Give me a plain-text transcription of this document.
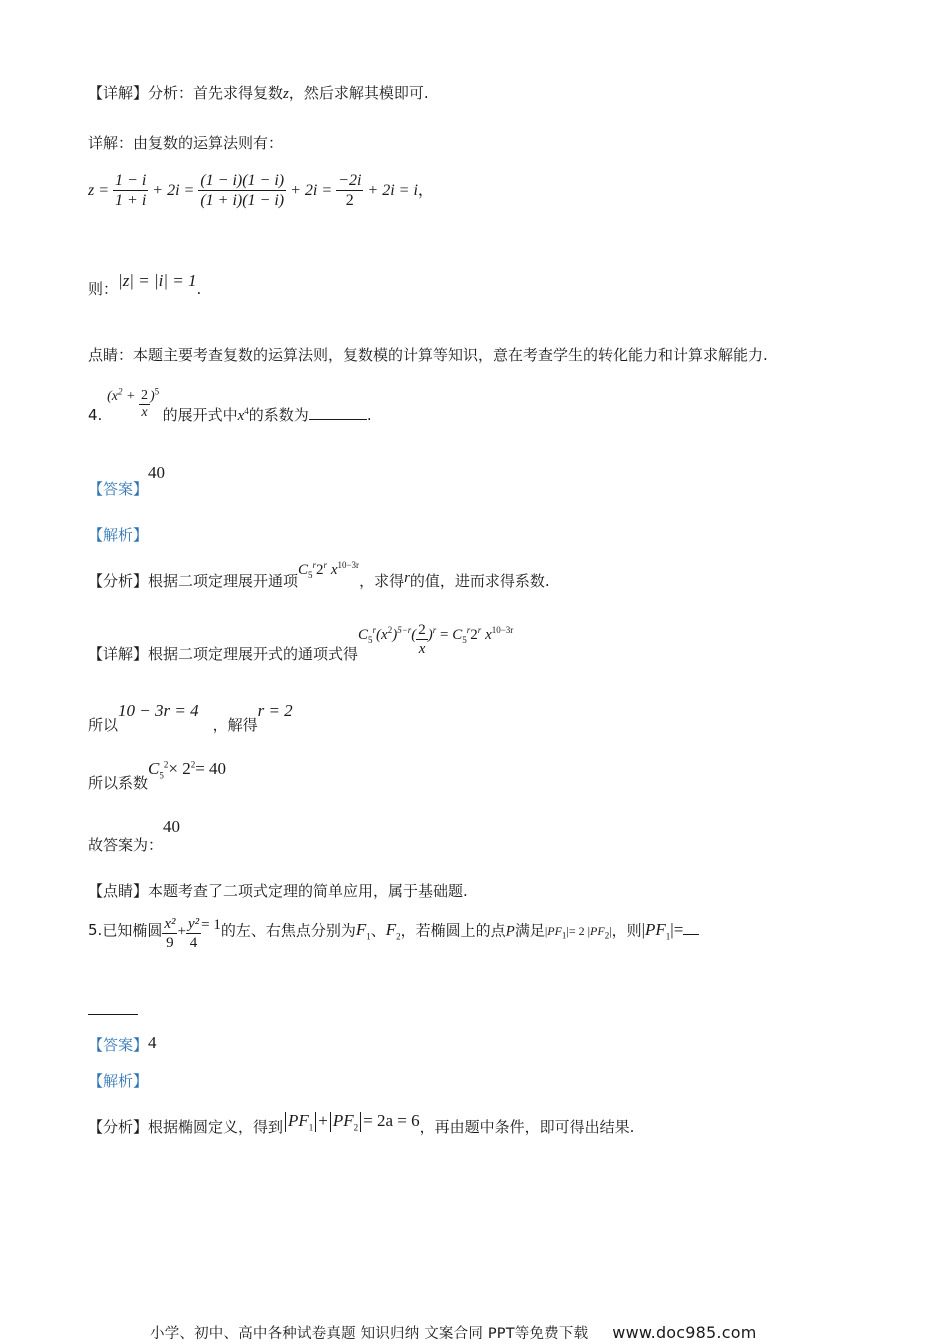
【详解】分析：首先求得复数z，然后求解其模即可.
详解：由复数的运算法则有：
$z = \frac{1 - i}{1 + i} + 2i = \frac{(1 - i)(1 - i)}{(1 + i)(1 - i)} + 2i = \frac{-2i}{2} + 2i = i$，
则：|z| = |i| = 1.
点睛：本题主要考查复数的运算法则，复数模的计算等知识，意在考查学生的转化能力和计算求解能力.
4. $(x^2 + \frac{2}{x} )^5$ 的展开式中$x^4$的系数为	.
【答案】40
【解析】
【分析】根据二项定理展开通项$C_5^r2^r$ $x^{10-3r}$，求得r的值，进而求得系数.
【详解】根据二项定理展开式的通项式得$C_5^r(x^2)^{5-r}( \frac{2}{x} )^r = C_5^r2^r$ $x^{10-3r}$
所以10 − 3r = 4，解得r = 2
所以系数$C_5^2\times 2^2= 40$
故答案为：40
【点睛】本题考查了二项式定理的简单应用，属于基础题.
5.已知椭圆 $\frac{\text{x²}}{9} + \frac{\text{y²}}{4} = 1$的左、右焦点分别为$F_1$、$F_2$，若椭圆上的点P满足$|PF_1|= 2$ $|PF_2|$，则$|PF_1|=$
【答案】4
【解析】
【分析】根据椭圆定义，得到 $PF_1 + PF_2 = 2a = 6$，再由题中条件，即可得出结果.
小学、初中、高中各种试卷真题 知识归纳 文案合同 PPT等免费下载 www.doc985.com
